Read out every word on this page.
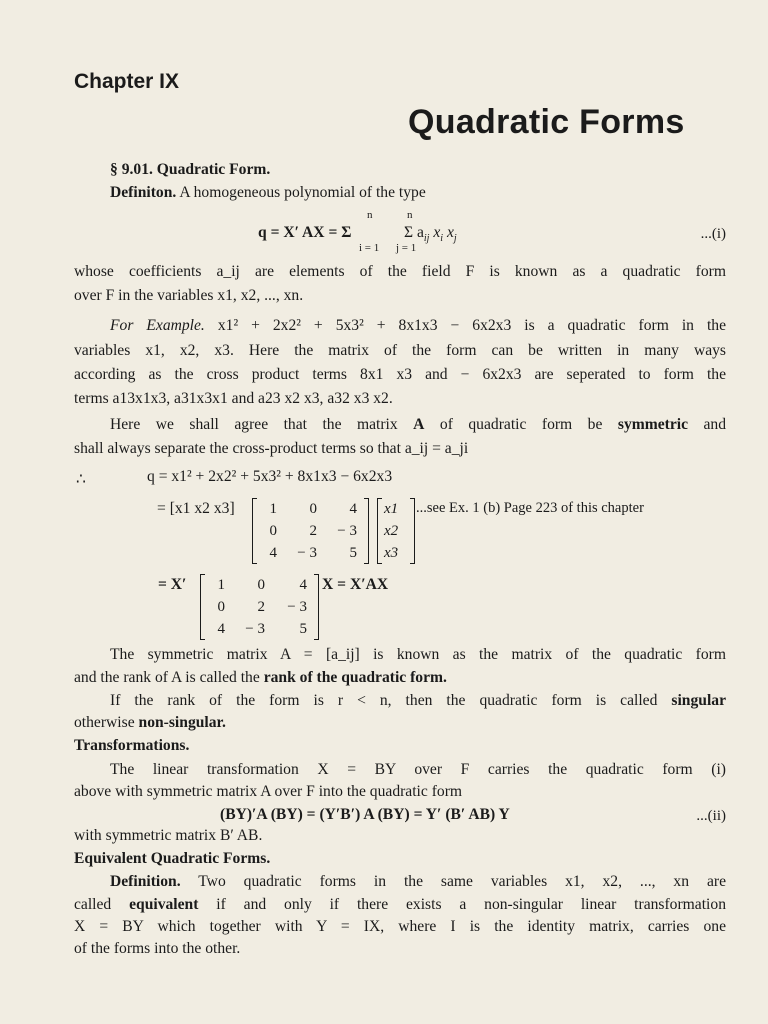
Chapter IX
Quadratic Forms
§ 9.01. Quadratic Form.
Definiton. A homogeneous polynomial of the type
q = X′ AX = Σ
n
i = 1
n
j = 1
Σ $a_{ij}$ $x_i$ $x_j$	...(i)
whose coefficients a_ij are elements of the field F is known as a quadratic form
over F in the variables x1, x2, ..., xn.
For Example. x1² + 2x2² + 5x3² + 8x1x3 − 6x2x3 is a quadratic form in the
variables x1, x2, x3. Here the matrix of the form can be written in many ways
according as the cross product terms 8x1 x3 and − 6x2x3 are seperated to form the
terms a13x1x3, a31x3x1 and a23 x2 x3, a32 x3 x2.
Here we shall agree that the matrix A of quadratic form be symmetric and
shall always separate the cross-product terms so that a_ij = a_ji
∴	q = x1² + 2x2² + 5x3² + 8x1x3 − 6x2x3
= [x1 x2 x3]	1	0	4
0	2	− 3
4	− 3	5
x1
x2
x3
...see Ex. 1 (b) Page 223 of this chapter
= X′	1	0	4
0	2	− 3
4	− 3	5
X = X′AX
The symmetric matrix A = [a_ij] is known as the matrix of the quadratic form
and the rank of A is called the rank of the quadratic form.
If the rank of the form is r < n, then the quadratic form is called singular
otherwise non-singular.
Transformations.
The linear transformation X = BY over F carries the quadratic form (i)
above with symmetric matrix A over F into the quadratic form
(BY)′A (BY) = (Y′B′) A (BY) = Y′ (B′ AB) Y	...(ii)
with symmetric matrix B′ AB.
Equivalent Quadratic Forms.
Definition. Two quadratic forms in the same variables x1, x2, ..., xn are
called equivalent if and only if there exists a non-singular linear transformation
X = BY which together with Y = IX, where I is the identity matrix, carries one
of the forms into the other.
